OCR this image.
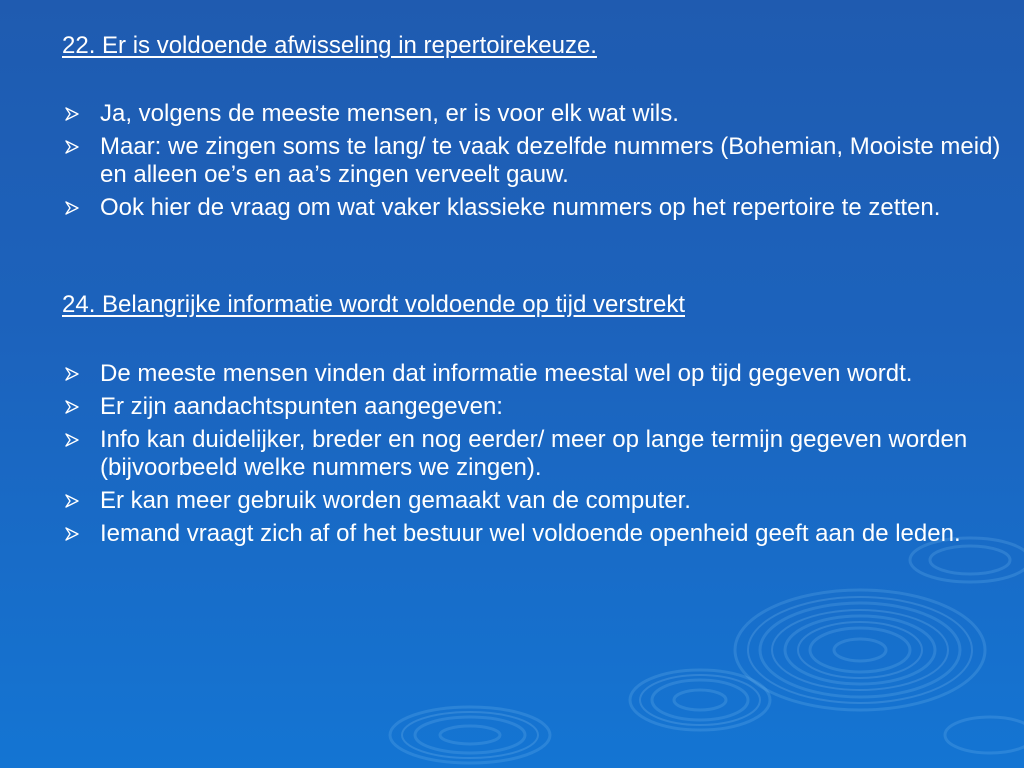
22. Er is voldoende afwisseling in repertoirekeuze.
Ja, volgens de meeste mensen, er is voor elk wat wils.
Maar: we zingen soms te lang/ te vaak dezelfde nummers (Bohemian, Mooiste meid) en alleen oe’s en aa’s zingen verveelt gauw.
Ook hier de vraag om wat vaker klassieke nummers op het repertoire te zetten.
24. Belangrijke informatie wordt voldoende op tijd verstrekt
De meeste mensen vinden dat informatie meestal wel op tijd gegeven wordt.
Er zijn aandachtspunten aangegeven:
Info kan duidelijker, breder en nog eerder/ meer op lange termijn gegeven worden (bijvoorbeeld welke nummers we zingen).
Er kan meer gebruik worden gemaakt van de computer.
Iemand vraagt zich af of het bestuur wel voldoende openheid geeft aan de leden.
